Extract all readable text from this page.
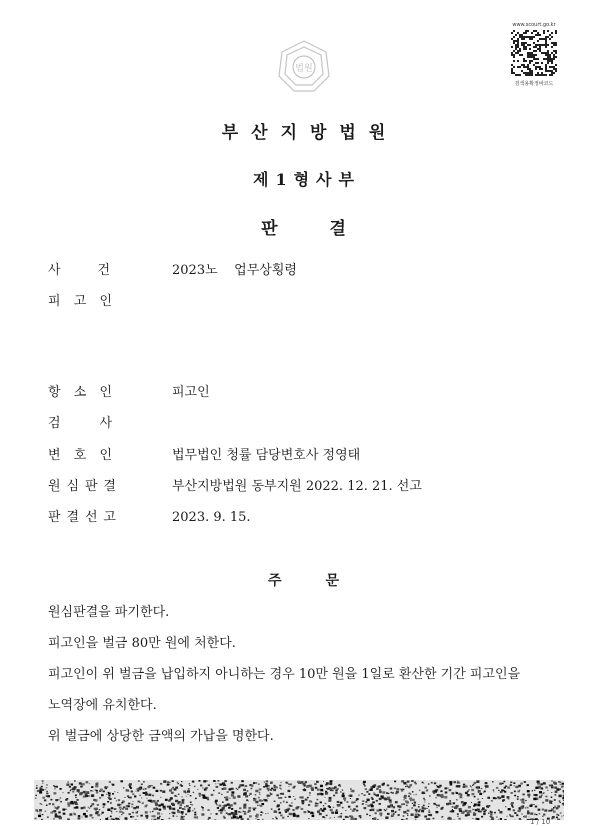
법원
www.scourt.go.kr
검색용확정바코드
부산지방법원
제1형사부
판	결
사	건	2023노    업무상횡령
피 고 인
항 소 인	피고인
검	사
변 호 인	법무법인 청률 담당변호사 정영태
원 심 판 결	부산지방법원 동부지원 2022. 12. 21. 선고
판 결 선 고	2023. 9. 15.
주	문
원심판결을 파기한다.
피고인을 벌금 80만 원에 처한다.
피고인이 위 벌금을 납입하지 아니하는 경우 10만 원을 1일로 환산한 기간 피고인을
노역장에 유치한다.
위 벌금에 상당한 금액의 가납을 명한다.
1 / 10
